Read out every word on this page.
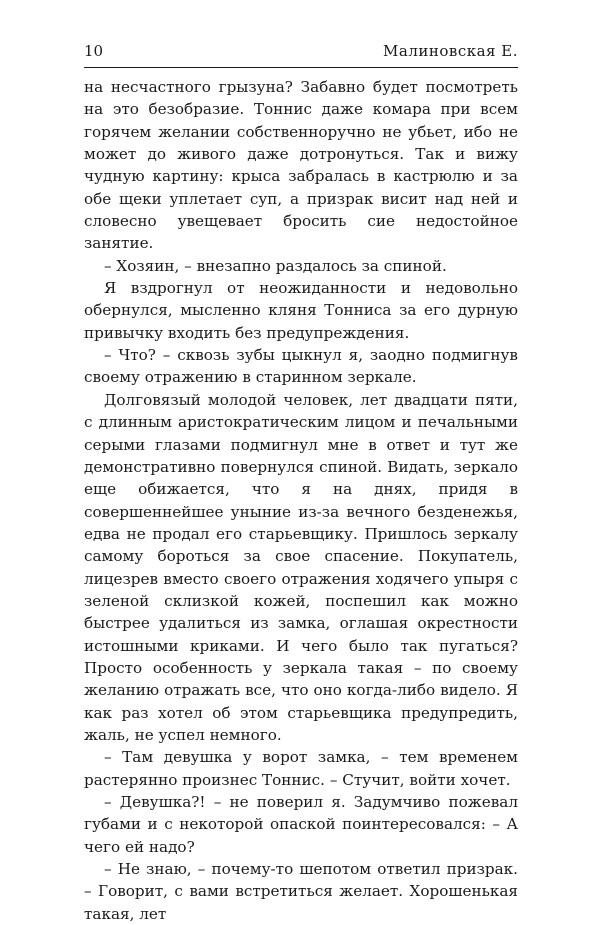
10	Малиновская Е.

на несчастного грызуна? Забавно будет посмотреть на это безобразие. Тоннис даже комара при всем горячем желании собственноручно не убьет, ибо не может до живого даже дотронуться. Так и вижу чудную картину: крыса забралась в кастрюлю и за обе щеки уплетает суп, а призрак висит над ней и словесно увещевает бросить сие недостойное занятие.

– Хозяин, – внезапно раздалось за спиной.

Я вздрогнул от неожиданности и недовольно обернулся, мысленно кляня Тонниса за его дурную привычку входить без предупреждения.

– Что? – сквозь зубы цыкнул я, заодно подмигнув своему отражению в старинном зеркале.

Долговязый молодой человек, лет двадцати пяти, с длинным аристократическим лицом и печальными серыми глазами подмигнул мне в ответ и тут же демонстративно повернулся спиной. Видать, зеркало еще обижается, что я на днях, придя в совершеннейшее уныние из-за вечного безденежья, едва не продал его старьевщику. Пришлось зеркалу самому бороться за свое спасение. Покупатель, лицезрев вместо своего отражения ходячего упыря с зеленой склизкой кожей, поспешил как можно быстрее удалиться из замка, оглашая окрестности истошными криками. И чего было так пугаться? Просто особенность у зеркала такая – по своему желанию отражать все, что оно когда-либо видело. Я как раз хотел об этом старьевщика предупредить, жаль, не успел немного.

– Там девушка у ворот замка, – тем временем растерянно произнес Тоннис. – Стучит, войти хочет.

– Девушка?! – не поверил я. Задумчиво пожевал губами и с некоторой опаской поинтересовался: – А чего ей надо?

– Не знаю, – почему-то шепотом ответил призрак. – Говорит, с вами встретиться желает. Хорошенькая такая, лет
